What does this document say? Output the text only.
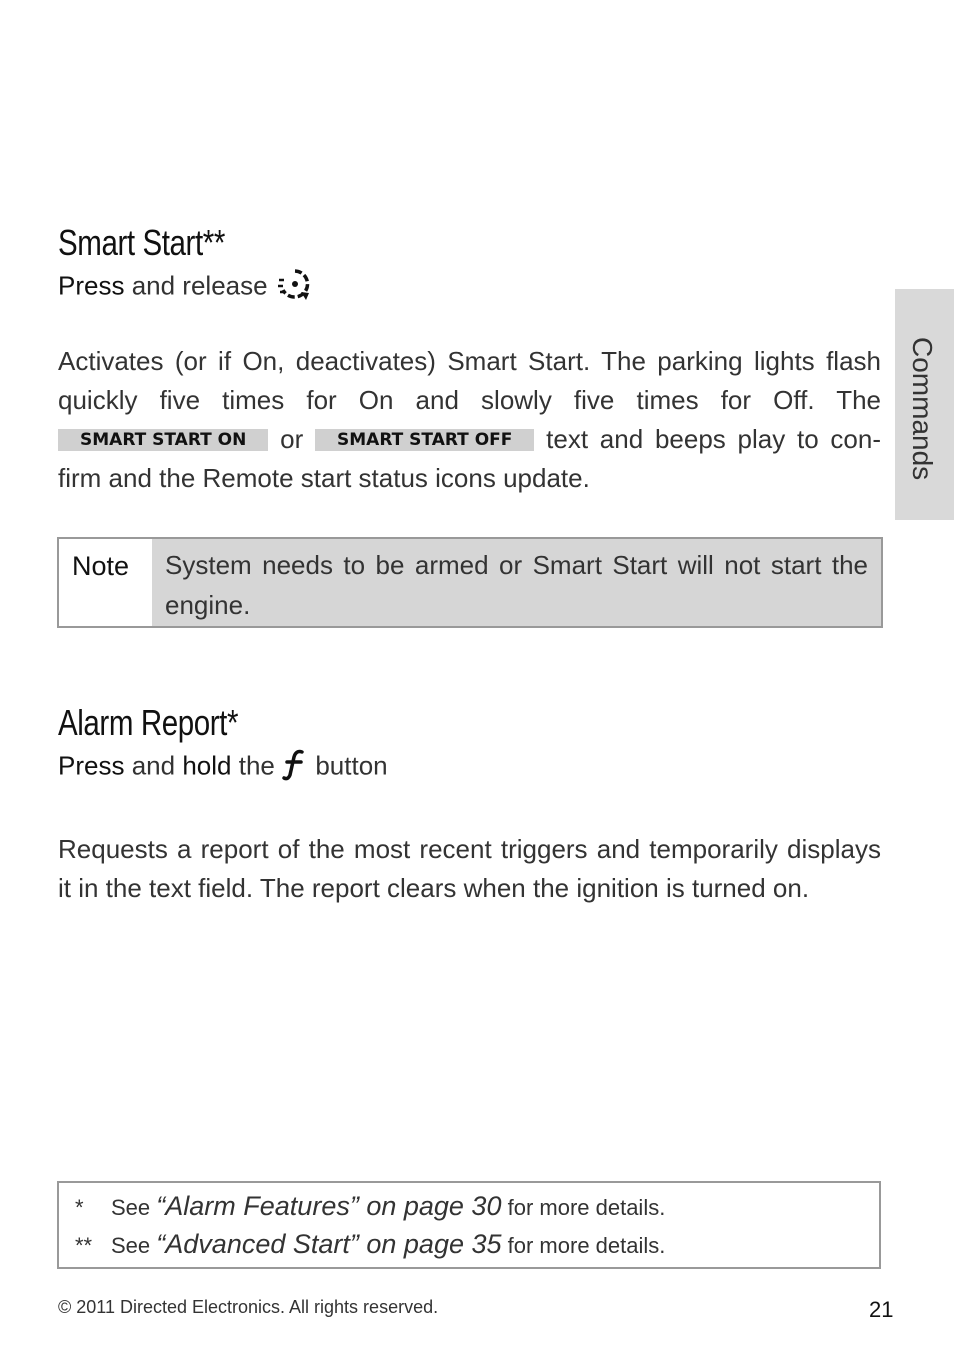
Commands
Smart Start**
Press and release

Activates (or if On, deactivates) Smart Start. The parking lights flash quickly five times for On and slowly five times for Off. The SMART START ON or SMART START OFF text and beeps play to con-firm and the Remote start status icons update.

Note	System needs to be armed or Smart Start will not start the engine.
Alarm Report*
Press and hold the button

Requests a report of the most recent triggers and temporarily displays it in the text field. The report clears when the ignition is turned on.

* See “Alarm Features” on page 30 for more details.
** See “Advanced Start” on page 35 for more details.
© 2011 Directed Electronics. All rights reserved.	21
